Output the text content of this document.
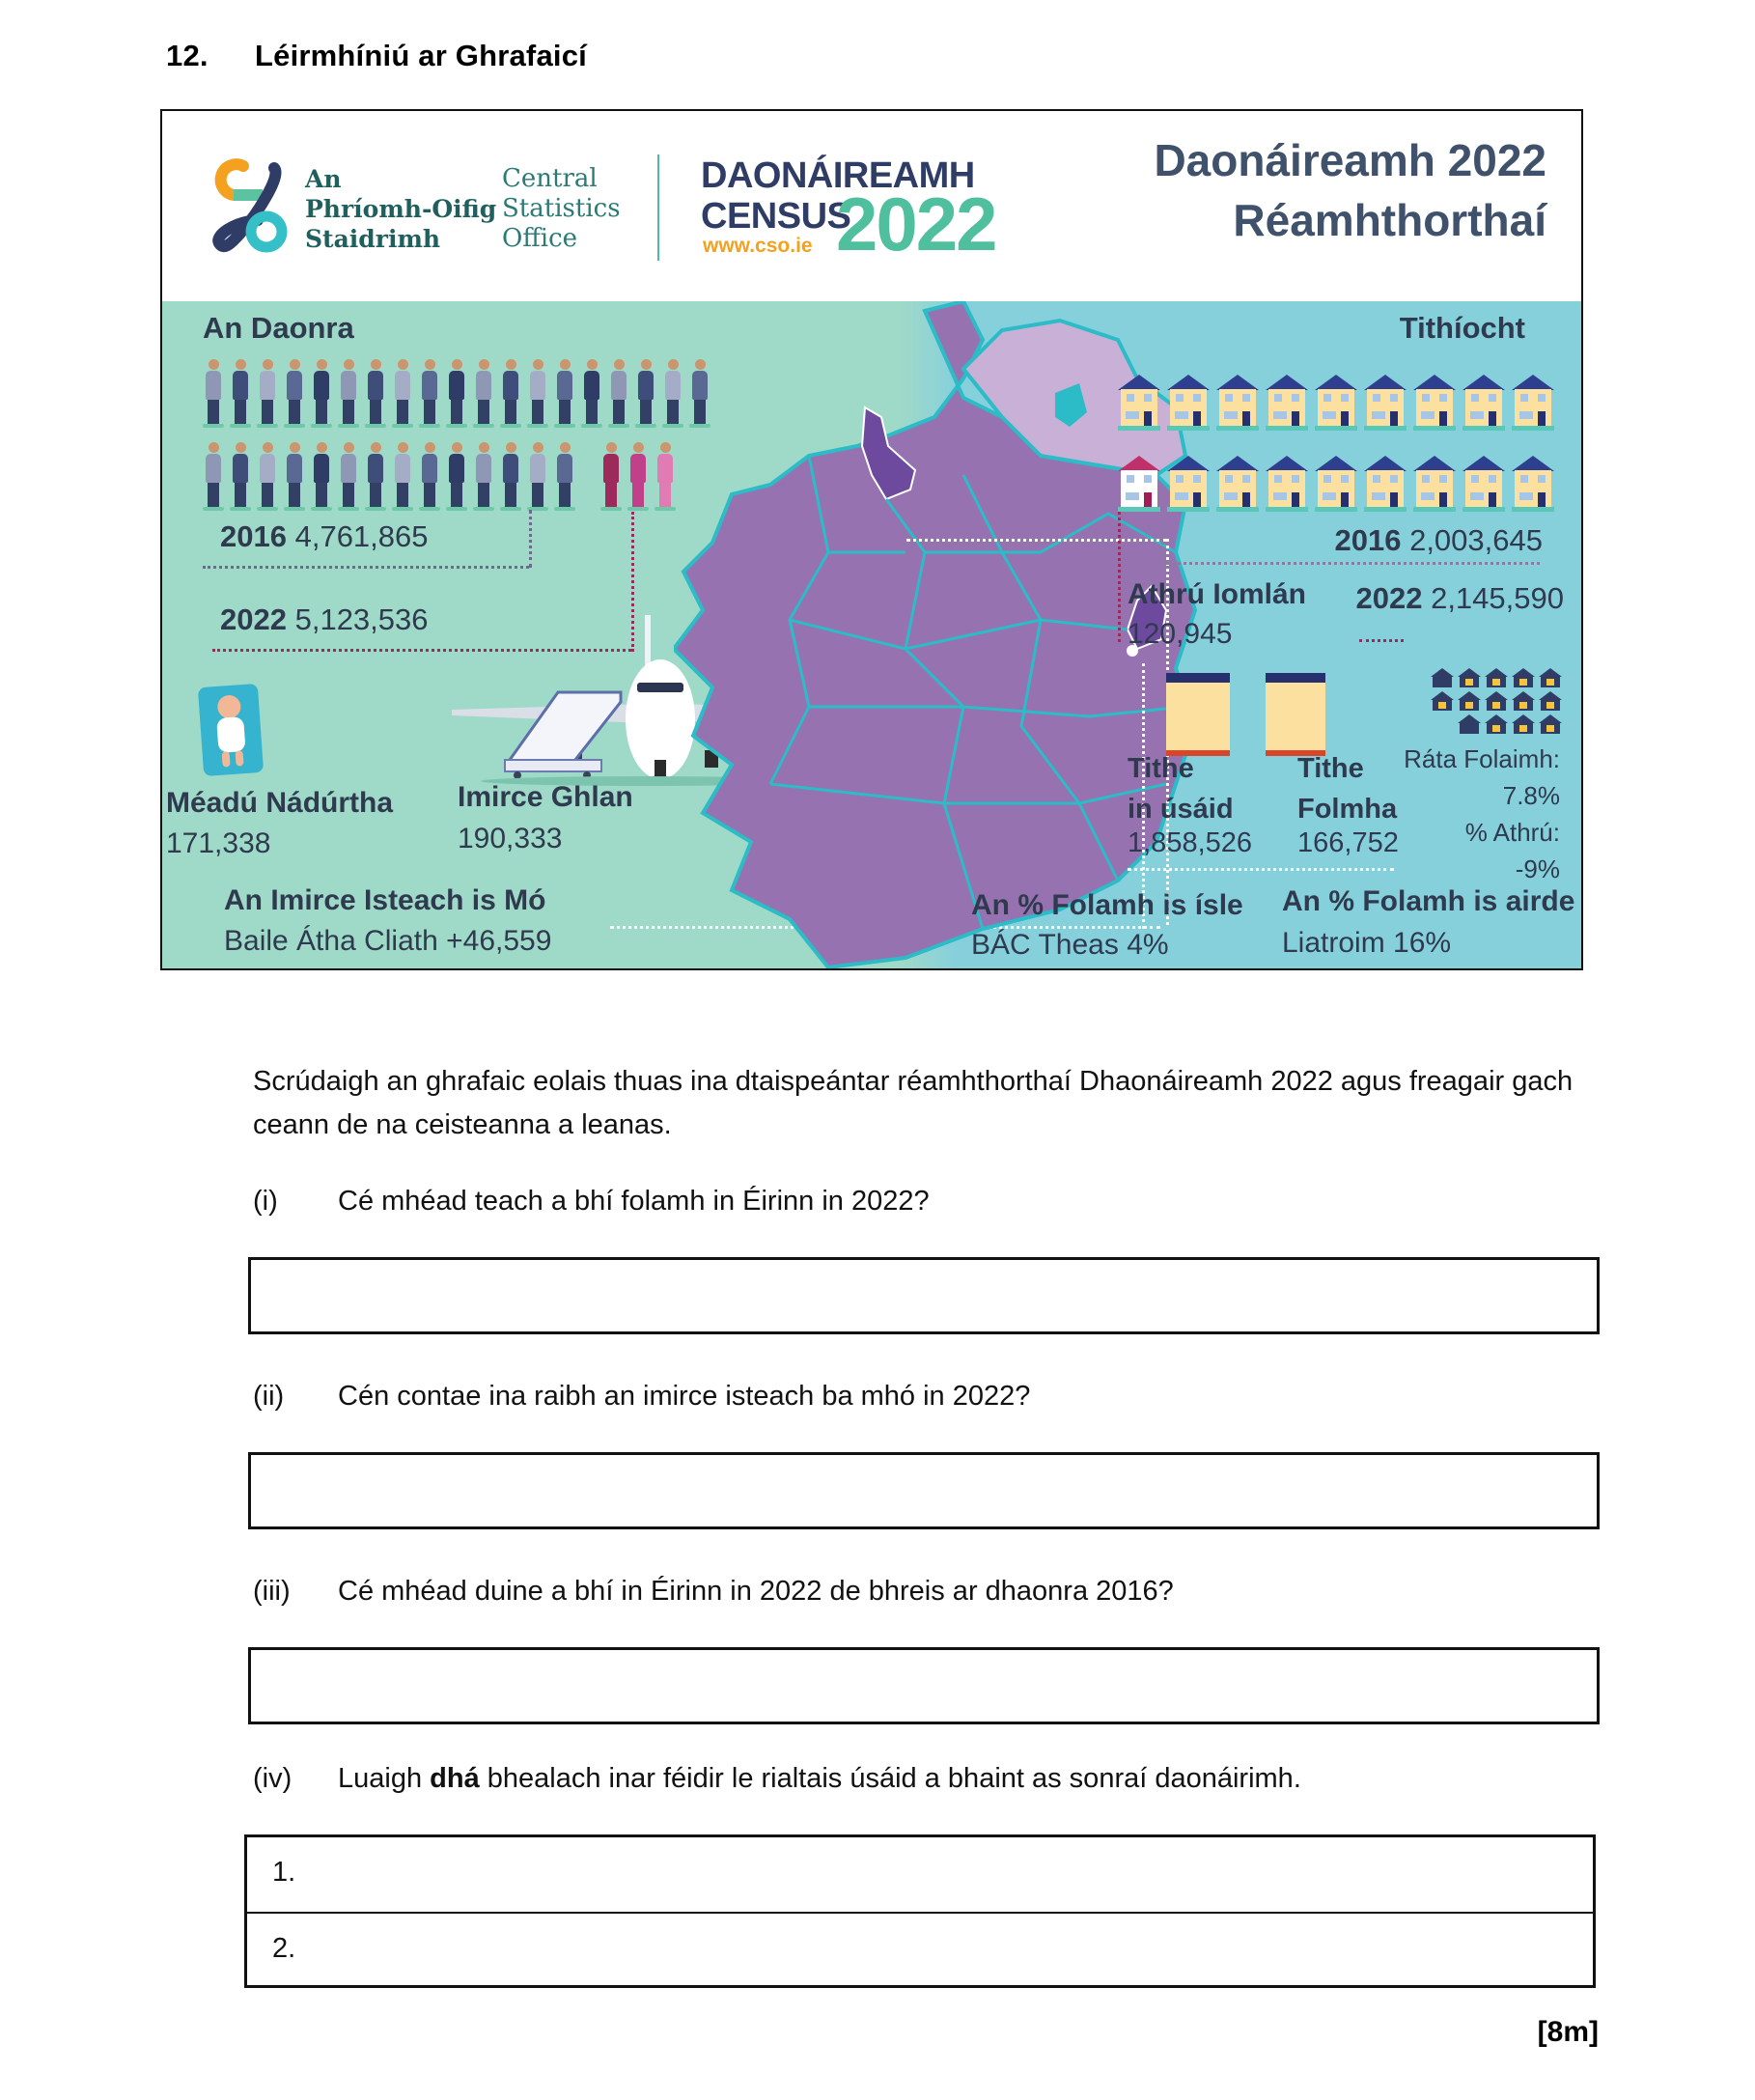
12. Léirmhíniú ar Ghrafaicí
An
Phríomh-Oifig
Staidrimh
Central
Statistics
Office
DAONÁIREAMH
CENSUS
www.cso.ie 2022
Daonáireamh 2022
Réamhthorthaí
An Daonra
2016 4,761,865
2022 5,123,536
Méadú Nádúrtha
171,338
Imirce Ghlan
190,333
An Imirce Isteach is Mó
Baile Átha Cliath +46,559
Tithíocht
2016 2,003,645
Athrú Iomlán
120,945
2022 2,145,590
Tithe
in úsáid
1,858,526
Tithe
Folmha
166,752
Ráta Folaimh:
7.8%
% Athrú:
-9%
An % Folamh is ísle
BÁC Theas 4%
An % Folamh is airde
Liatroim 16%
Scrúdaigh an ghrafaic eolais thuas ina dtaispeántar réamhthorthaí Dhaonáireamh 2022 agus freagair gach ceann de na ceisteanna a leanas.
(i) Cé mhéad teach a bhí folamh in Éirinn in 2022?
(ii) Cén contae ina raibh an imirce isteach ba mhó in 2022?
(iii) Cé mhéad duine a bhí in Éirinn in 2022 de bhreis ar dhaonra 2016?
(iv) Luaigh dhá bhealach inar féidir le rialtais úsáid a bhaint as sonraí daonáirimh.
1.
2.
[8m]
